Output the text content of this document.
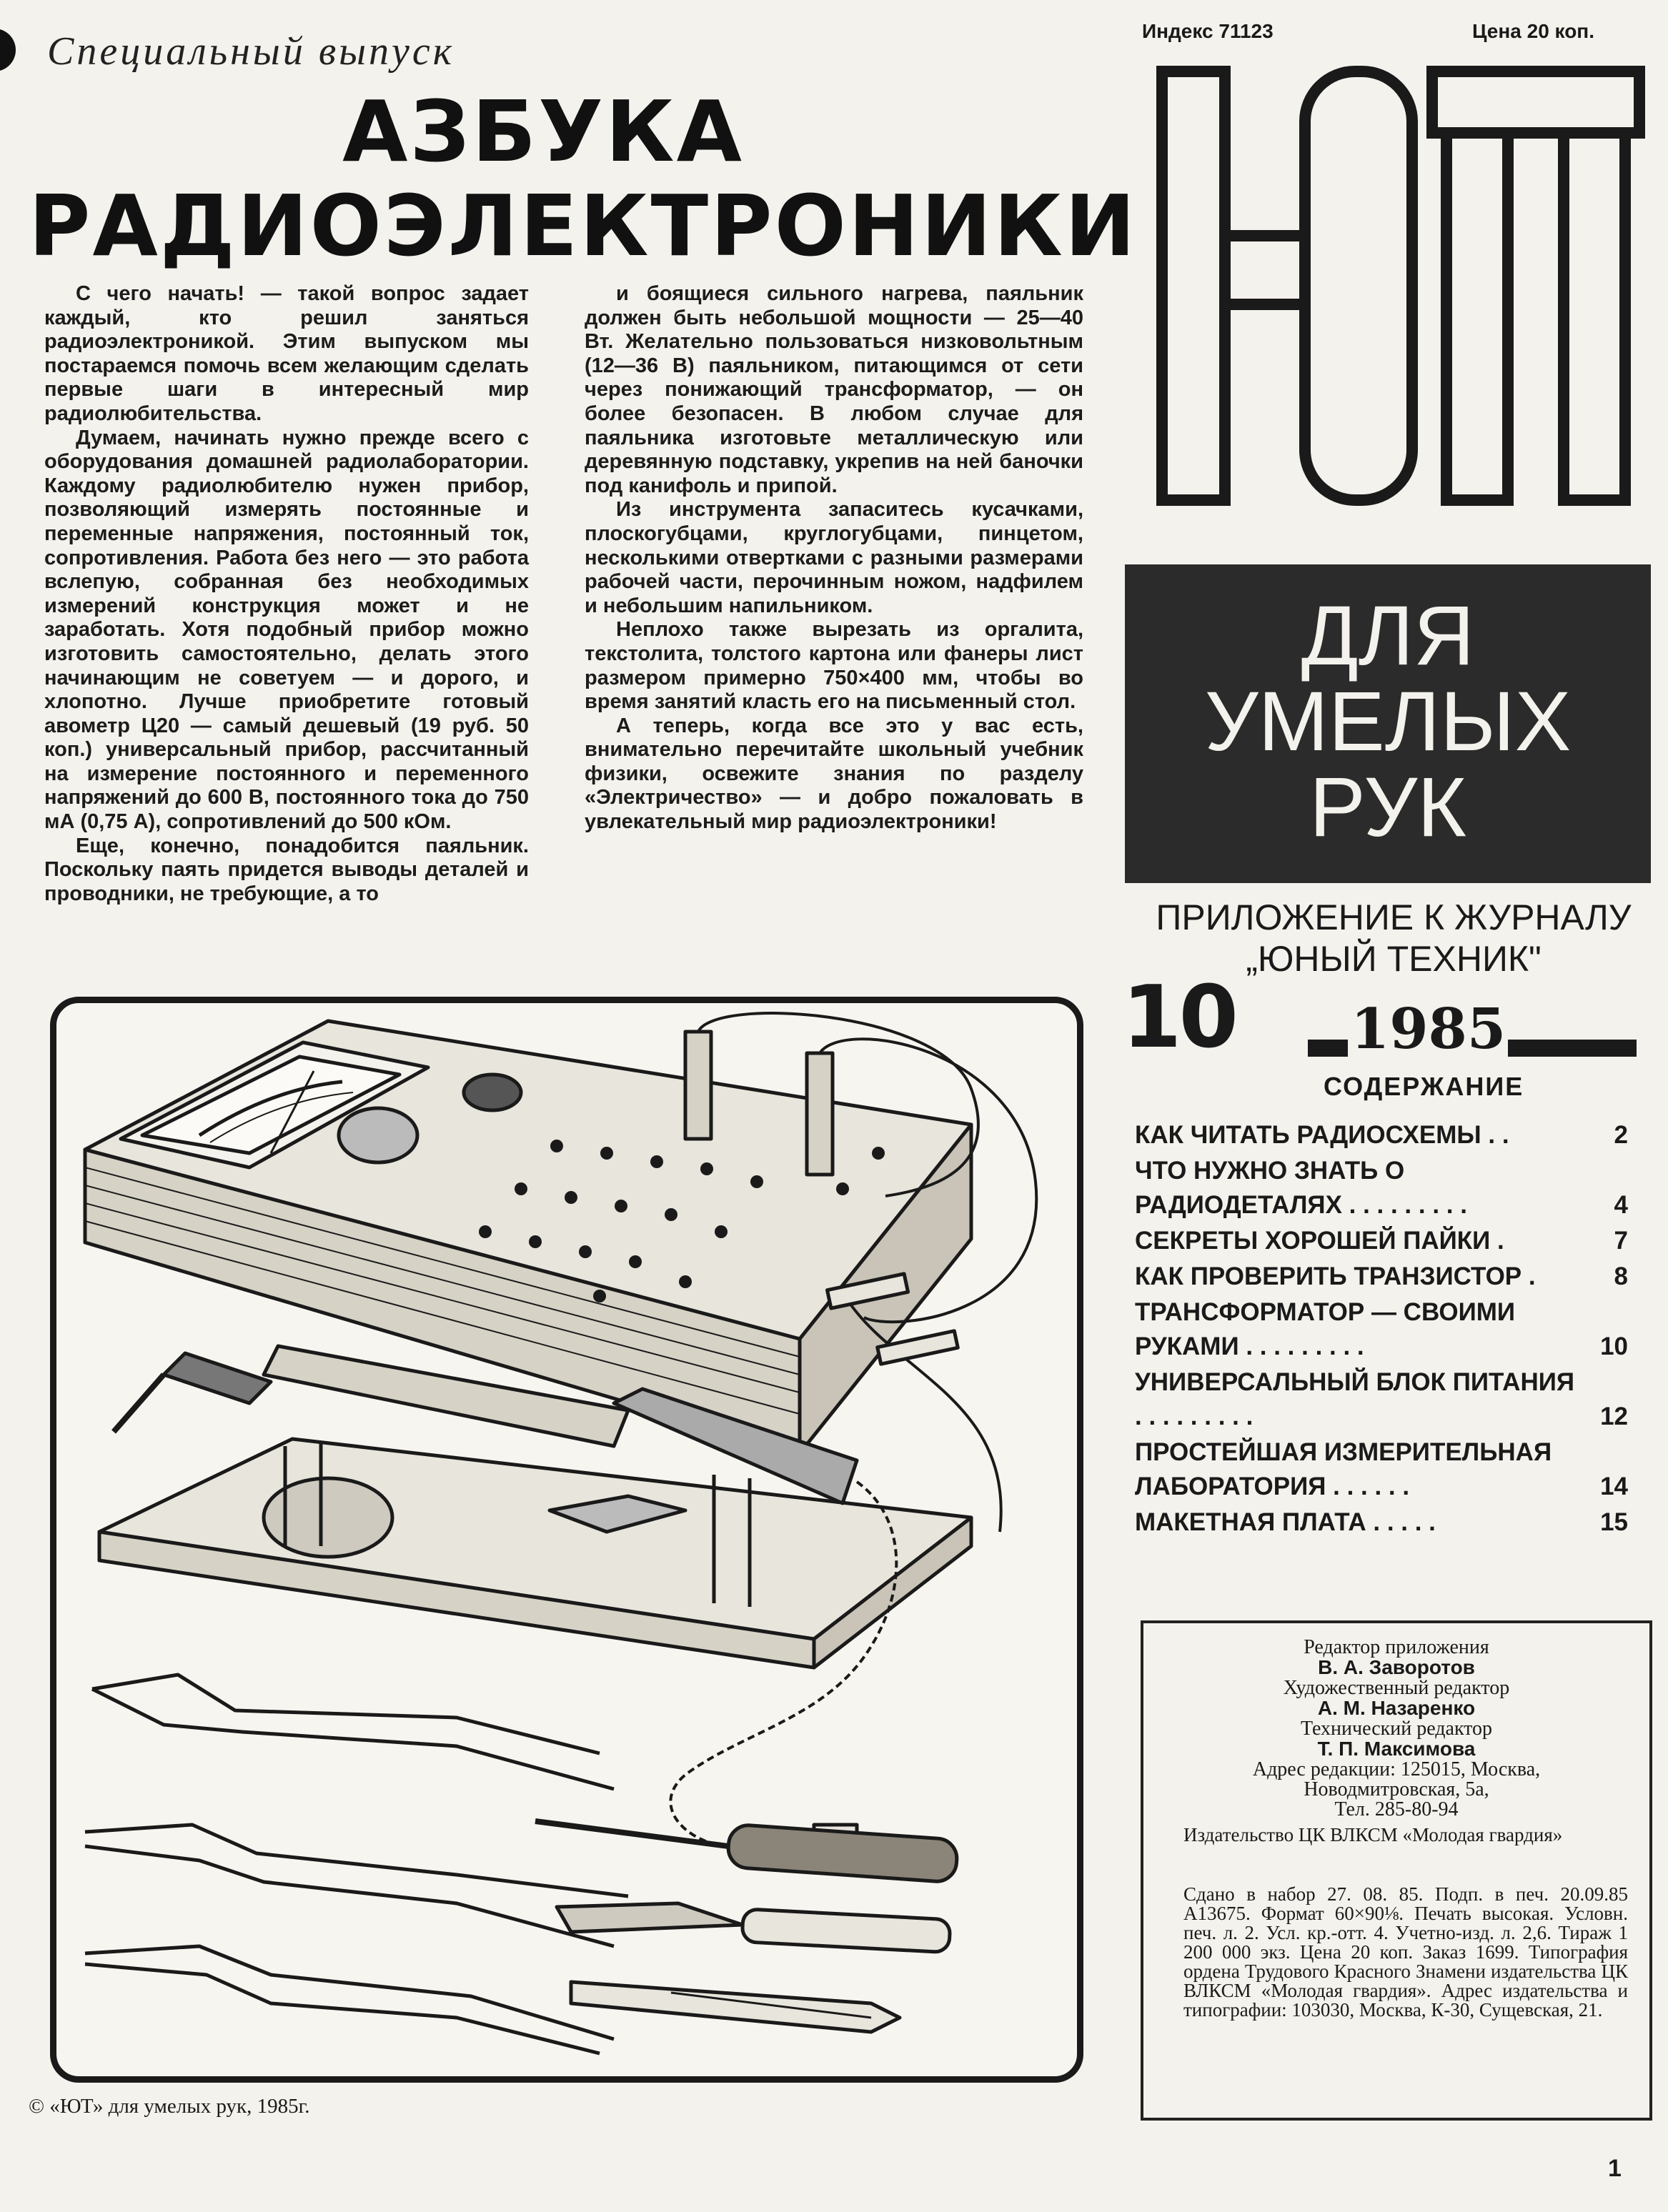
Специальный выпуск
АЗБУКА
РАДИОЭЛЕКТРОНИКИ
Индекс 71123	Цена 20 коп.
ДЛЯ
УМЕЛЫХ
РУК
ПРИЛОЖЕНИЕ К ЖУРНАЛУ
„ЮНЫЙ ТЕХНИК"
10 1985
СОДЕРЖАНИЕ
КАК ЧИТАТЬ РАДИОСХЕМЫ . .	2
ЧТО НУЖНО ЗНАТЬ О РАДИОДЕТАЛЯХ . . . . . . . . .	4
СЕКРЕТЫ ХОРОШЕЙ ПАЙКИ .	7
КАК ПРОВЕРИТЬ ТРАНЗИСТОР .	8
ТРАНСФОРМАТОР — СВОИМИ РУКАМИ . . . . . . . . .	10
УНИВЕРСАЛЬНЫЙ БЛОК ПИТАНИЯ . . . . . . . . .	12
ПРОСТЕЙШАЯ ИЗМЕРИТЕЛЬНАЯ ЛАБОРАТОРИЯ . . . . . .	14
МАКЕТНАЯ ПЛАТА . . . . .	15
Редактор приложения
В. А. Заворотов
Художественный редактор
А. М. Назаренко
Технический редактор
Т. П. Максимова
Адрес редакции: 125015, Москва,
Новодмитровская, 5а,
Тел. 285-80-94
Издательство ЦК ВЛКСМ «Молодая гвардия»
Сдано в набор 27. 08. 85. Подп. в печ. 20.09.85 А13675. Формат 60×90⅛. Печать высокая. Условн. печ. л. 2. Усл. кр.-отт. 4. Учетно-изд. л. 2,6. Тираж 1 200 000 экз. Цена 20 коп. Заказ 1699. Типография ордена Трудового Красного Знамени издательства ЦК ВЛКСМ «Молодая гвардия». Адрес издательства и типографии: 103030, Москва, К-30, Сущевская, 21.

С чего начать! — такой вопрос задает каждый, кто решил заняться радиоэлектроникой. Этим выпуском мы постараемся помочь всем желающим сделать первые шаги в интересный мир радиолюбительства.

Думаем, начинать нужно прежде всего с оборудования домашней радиолаборатории. Каждому радиолюбителю нужен прибор, позволяющий измерять постоянные и переменные напряжения, постоянный ток, сопротивления. Работа без него — это работа вслепую, собранная без необходимых измерений конструкция может и не заработать. Хотя подобный прибор можно изготовить самостоятельно, делать этого начинающим не советуем — и дорого, и хлопотно. Лучше приобретите готовый авометр Ц20 — самый дешевый (19 руб. 50 коп.) универсальный прибор, рассчитанный на измерение постоянного и переменного напряжений до 600 В, постоянного тока до 750 мА (0,75 А), сопротивлений до 500 кОм.

Еще, конечно, понадобится паяльник. Поскольку паять придется выводы деталей и проводники, не требующие, а то

и боящиеся сильного нагрева, паяльник должен быть небольшой мощности — 25—40 Вт. Желательно пользоваться низковольтным (12—36 В) паяльником, питающимся от сети через понижающий трансформатор, — он более безопасен. В любом случае для паяльника изготовьте металлическую или деревянную подставку, укрепив на ней баночки под канифоль и припой.

Из инструмента запаситесь кусачками, плоскогубцами, круглогубцами, пинцетом, несколькими отвертками с разными размерами рабочей части, перочинным ножом, надфилем и небольшим напильником.

Неплохо также вырезать из оргалита, текстолита, толстого картона или фанеры лист размером примерно 750×400 мм, чтобы во время занятий класть его на письменный стол.

А теперь, когда все это у вас есть, внимательно перечитайте школьный учебник физики, освежите знания по разделу «Электричество» — и добро пожаловать в увлекательный мир радиоэлектроники!

© «ЮТ» для умелых рук, 1985г.
1
